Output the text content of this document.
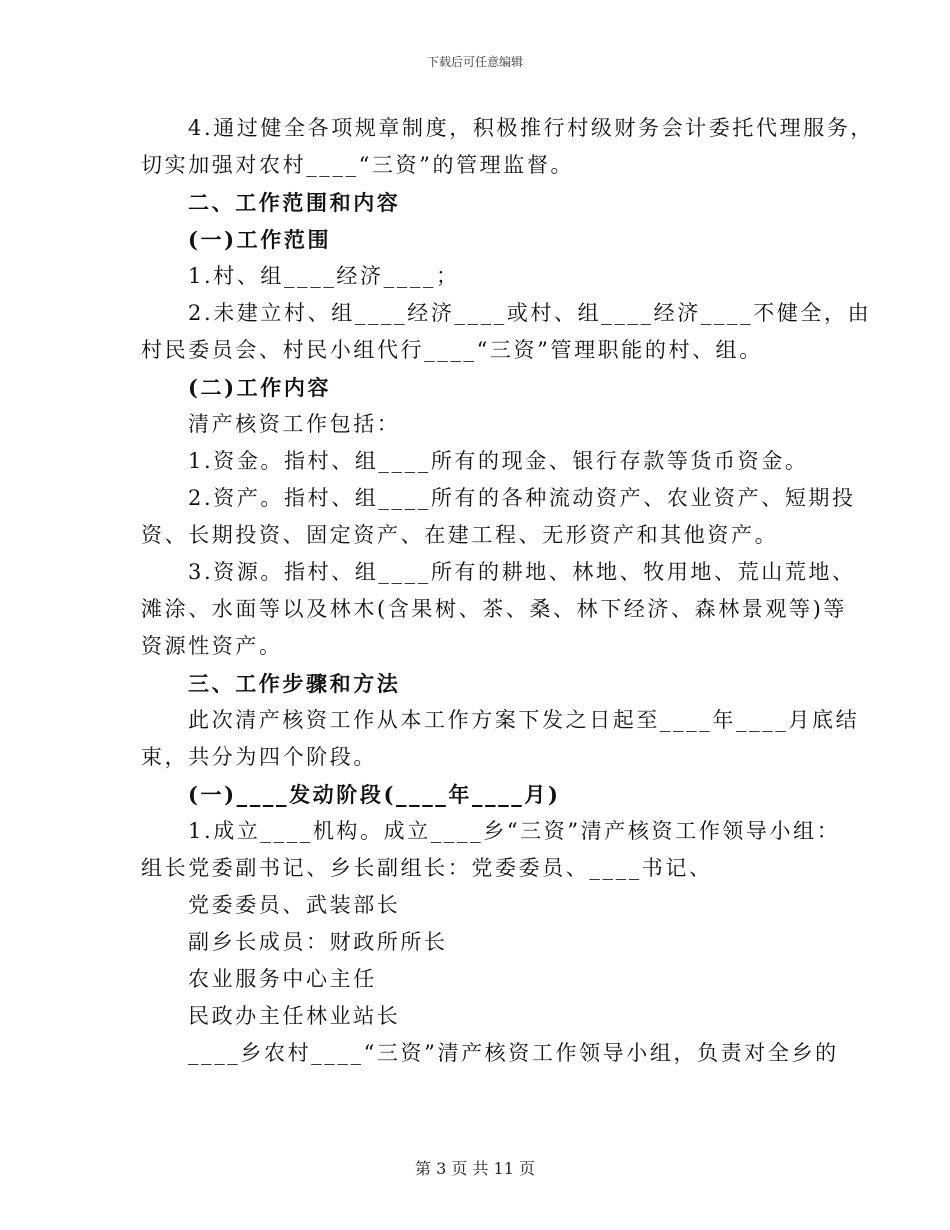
下载后可任意编辑
4.通过健全各项规章制度，积极推行村级财务会计委托代理服务，
切实加强对农村____“三资”的管理监督。
二、工作范围和内容
(一)工作范围
1.村、组____经济____；
2.未建立村、组____经济____或村、组____经济____不健全，由
村民委员会、村民小组代行____“三资”管理职能的村、组。
(二)工作内容
清产核资工作包括：
1.资金。指村、组____所有的现金、银行存款等货币资金。
2.资产。指村、组____所有的各种流动资产、农业资产、短期投
资、长期投资、固定资产、在建工程、无形资产和其他资产。
3.资源。指村、组____所有的耕地、林地、牧用地、荒山荒地、
滩涂、水面等以及林木(含果树、茶、桑、林下经济、森林景观等)等
资源性资产。
三、工作步骤和方法
此次清产核资工作从本工作方案下发之日起至____年____月底结
束，共分为四个阶段。
(一)____发动阶段(____年____月)
1.成立____机构。成立____乡“三资”清产核资工作领导小组：
组长党委副书记、乡长副组长：党委委员、____书记、
党委委员、武装部长
副乡长成员：财政所所长
农业服务中心主任
民政办主任林业站长
____乡农村____“三资”清产核资工作领导小组，负责对全乡的
第 3 页 共 11 页
